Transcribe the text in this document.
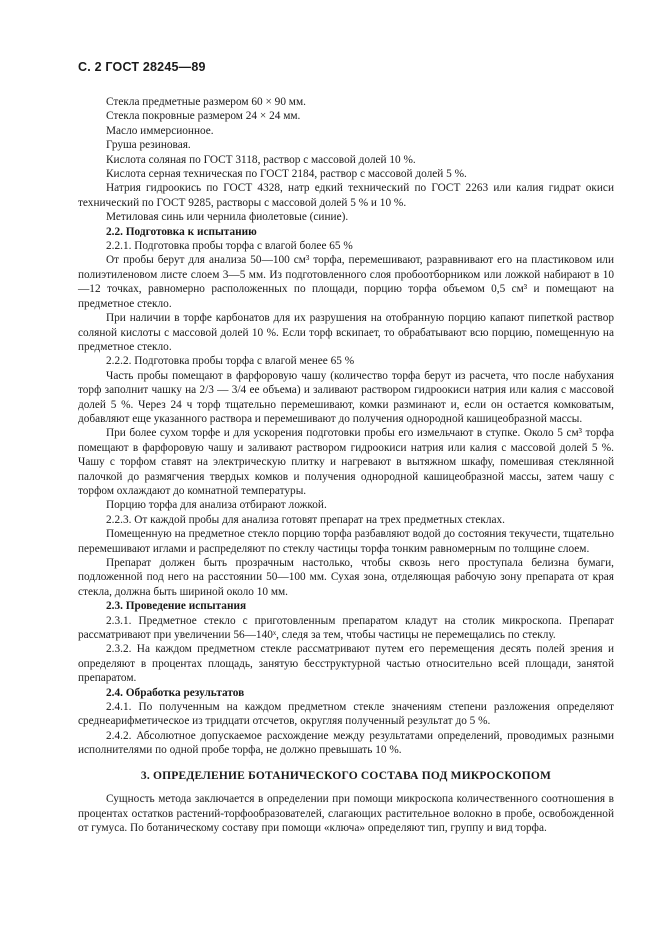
С. 2 ГОСТ 28245—89

Стекла предметные размером 60 × 90 мм.

Стекла покровные размером 24 × 24 мм.

Масло иммерсионное.

Груша резиновая.

Кислота соляная по ГОСТ 3118, раствор с массовой долей 10 %.

Кислота серная техническая по ГОСТ 2184, раствор с массовой долей 5 %.

Натрия гидроокись по ГОСТ 4328, натр едкий технический по ГОСТ 2263 или калия гидрат окиси технический по ГОСТ 9285, растворы с массовой долей 5 % и 10 %.

Метиловая синь или чернила фиолетовые (синие).

2.2. Подготовка к испытанию

2.2.1. Подготовка пробы торфа с влагой более 65 %

От пробы берут для анализа 50—100 см³ торфа, перемешивают, разравнивают его на пластиковом или полиэтиленовом листе слоем 3—5 мм. Из подготовленного слоя пробоотборником или ложкой набирают в 10—12 точках, равномерно расположенных по площади, порцию торфа объемом 0,5 см³ и помещают на предметное стекло.

При наличии в торфе карбонатов для их разрушения на отобранную порцию капают пипеткой раствор соляной кислоты с массовой долей 10 %. Если торф вскипает, то обрабатывают всю порцию, помещенную на предметное стекло.

2.2.2. Подготовка пробы торфа с влагой менее 65 %

Часть пробы помещают в фарфоровую чашу (количество торфа берут из расчета, что после набухания торф заполнит чашку на 2/3 — 3/4 ее объема) и заливают раствором гидроокиси натрия или калия с массовой долей 5 %. Через 24 ч торф тщательно перемешивают, комки разминают и, если он остается комковатым, добавляют еще указанного раствора и перемешивают до получения однородной кашицеобразной массы.

При более сухом торфе и для ускорения подготовки пробы его измельчают в ступке. Около 5 см³ торфа помещают в фарфоровую чашу и заливают раствором гидроокиси натрия или калия с массовой долей 5 %. Чашу с торфом ставят на электрическую плитку и нагревают в вытяжном шкафу, помешивая стеклянной палочкой до размягчения твердых комков и получения однородной кашицеобразной массы, затем чашу с торфом охлаждают до комнатной температуры.

Порцию торфа для анализа отбирают ложкой.

2.2.3. От каждой пробы для анализа готовят препарат на трех предметных стеклах.

Помещенную на предметное стекло порцию торфа разбавляют водой до состояния текучести, тщательно перемешивают иглами и распределяют по стеклу частицы торфа тонким равномерным по толщине слоем.

Препарат должен быть прозрачным настолько, чтобы сквозь него проступала белизна бумаги, подложенной под него на расстоянии 50—100 мм. Сухая зона, отделяющая рабочую зону препарата от края стекла, должна быть шириной около 10 мм.

2.3. Проведение испытания

2.3.1. Предметное стекло с приготовленным препаратом кладут на столик микроскопа. Препарат рассматривают при увеличении 56—140ˣ, следя за тем, чтобы частицы не перемещались по стеклу.

2.3.2. На каждом предметном стекле рассматривают путем его перемещения десять полей зрения и определяют в процентах площадь, занятую бесструктурной частью относительно всей площади, занятой препаратом.

2.4. Обработка результатов

2.4.1. По полученным на каждом предметном стекле значениям степени разложения определяют среднеарифметическое из тридцати отсчетов, округляя полученный результат до 5 %.

2.4.2. Абсолютное допускаемое расхождение между результатами определений, проводимых разными исполнителями по одной пробе торфа, не должно превышать 10 %.

3. ОПРЕДЕЛЕНИЕ БОТАНИЧЕСКОГО СОСТАВА ПОД МИКРОСКОПОМ

Сущность метода заключается в определении при помощи микроскопа количественного соотношения в процентах остатков растений-торфообразователей, слагающих растительное волокно в пробе, освобожденной от гумуса. По ботаническому составу при помощи «ключа» определяют тип, группу и вид торфа.
